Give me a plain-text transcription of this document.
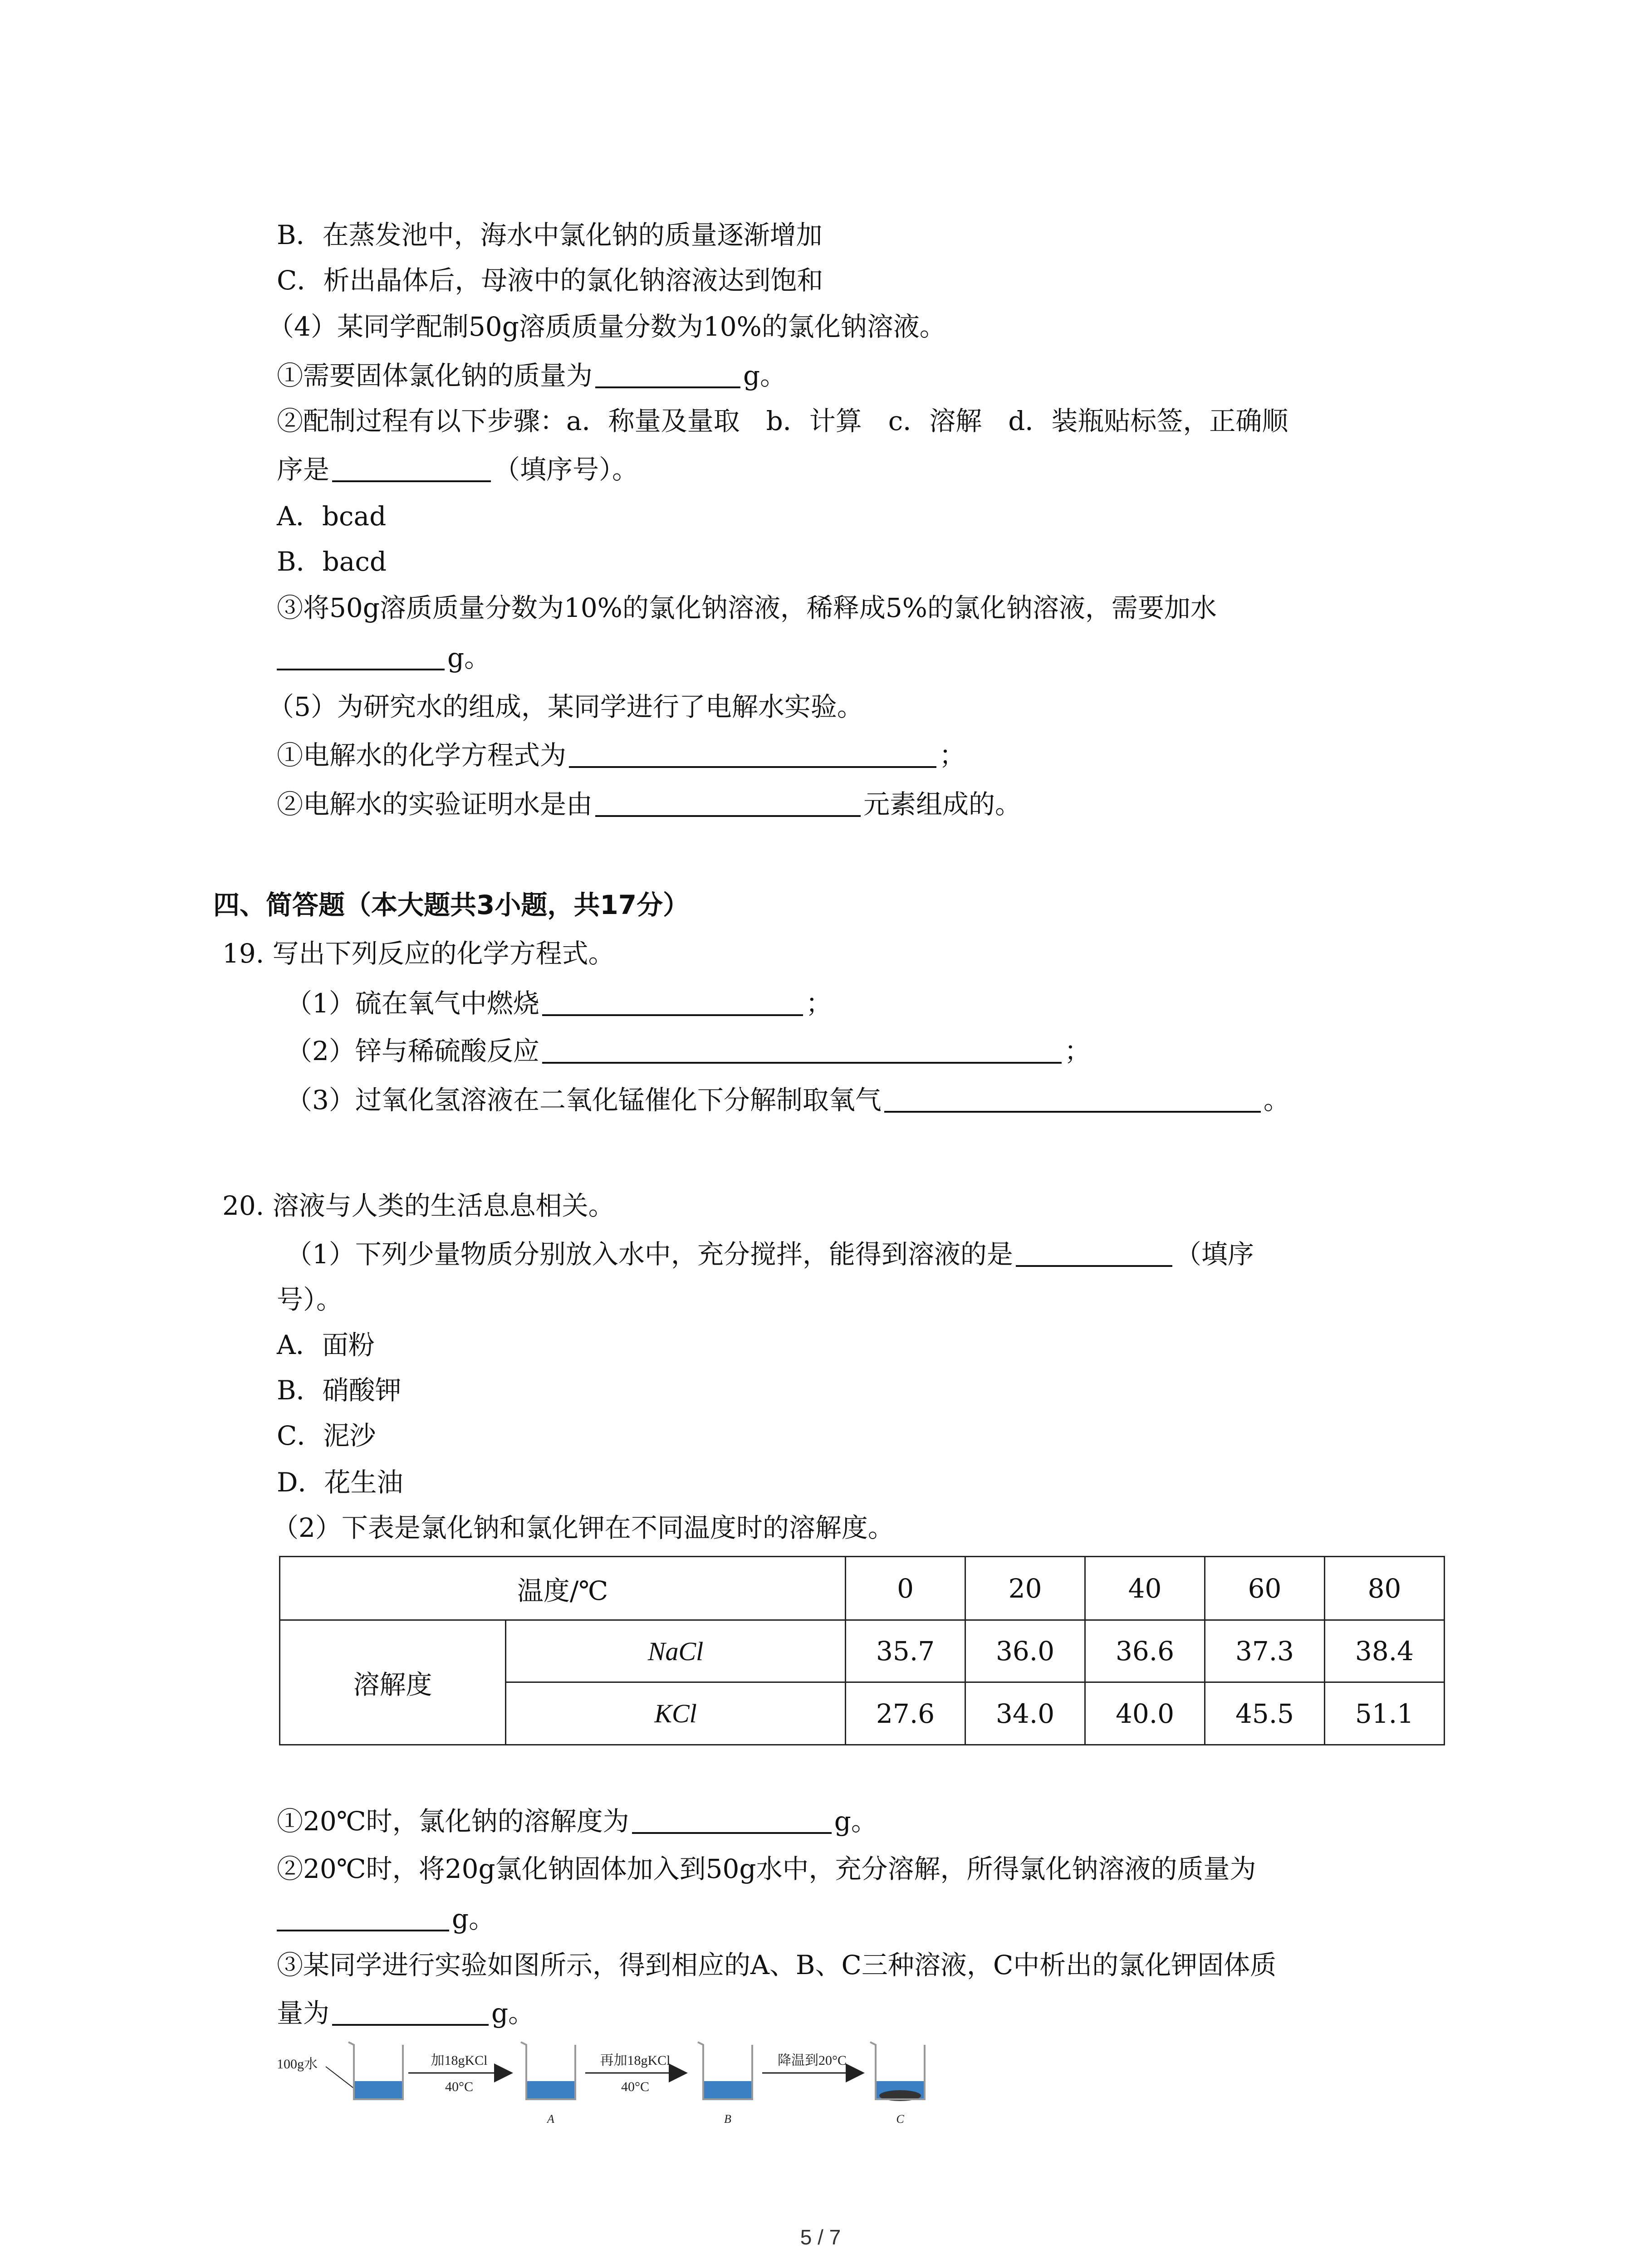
B．在蒸发池中，海水中氯化钠的质量逐渐增加
C．析出晶体后，母液中的氯化钠溶液达到饱和
（4）某同学配制50g溶质质量分数为10%的氯化钠溶液。
①需要固体氯化钠的质量为	g。
②配制过程有以下步骤：a．称量及量取　b．计算　c．溶解　d．装瓶贴标签，正确顺
序是	（填序号）。
A．bcad
B．bacd
③将50g溶质质量分数为10%的氯化钠溶液，稀释成5%的氯化钠溶液，需要加水
g。
（5）为研究水的组成，某同学进行了电解水实验。
①电解水的化学方程式为	；
②电解水的实验证明水是由	元素组成的。
四、简答题（本大题共3小题，共17分）
19. 写出下列反应的化学方程式。
（1）硫在氧气中燃烧	；
（2）锌与稀硫酸反应	；
（3）过氧化氢溶液在二氧化锰催化下分解制取氧气	。
20. 溶液与人类的生活息息相关。
（1）下列少量物质分别放入水中，充分搅拌，能得到溶液的是	（填序
号）。
A．面粉
B．硝酸钾
C．泥沙
D．花生油
（2）下表是氯化钠和氯化钾在不同温度时的溶解度。
温度/℃		0	20	40	60	80
溶解度	NaCl	35.7	36.0	36.6	37.3	38.4
	KCl	27.6	34.0	40.0	45.5	51.1
①20℃时，氯化钠的溶解度为	g。
②20℃时，将20g氯化钠固体加入到50g水中，充分溶解，所得氯化钠溶液的质量为
g。
③某同学进行实验如图所示，得到相应的A、B、C三种溶液，C中析出的氯化钾固体质
量为	g。
100g水	加18gKCl
40°C
A
再加18gKCl
40°C
B
降温到20°C
C
5 / 7
